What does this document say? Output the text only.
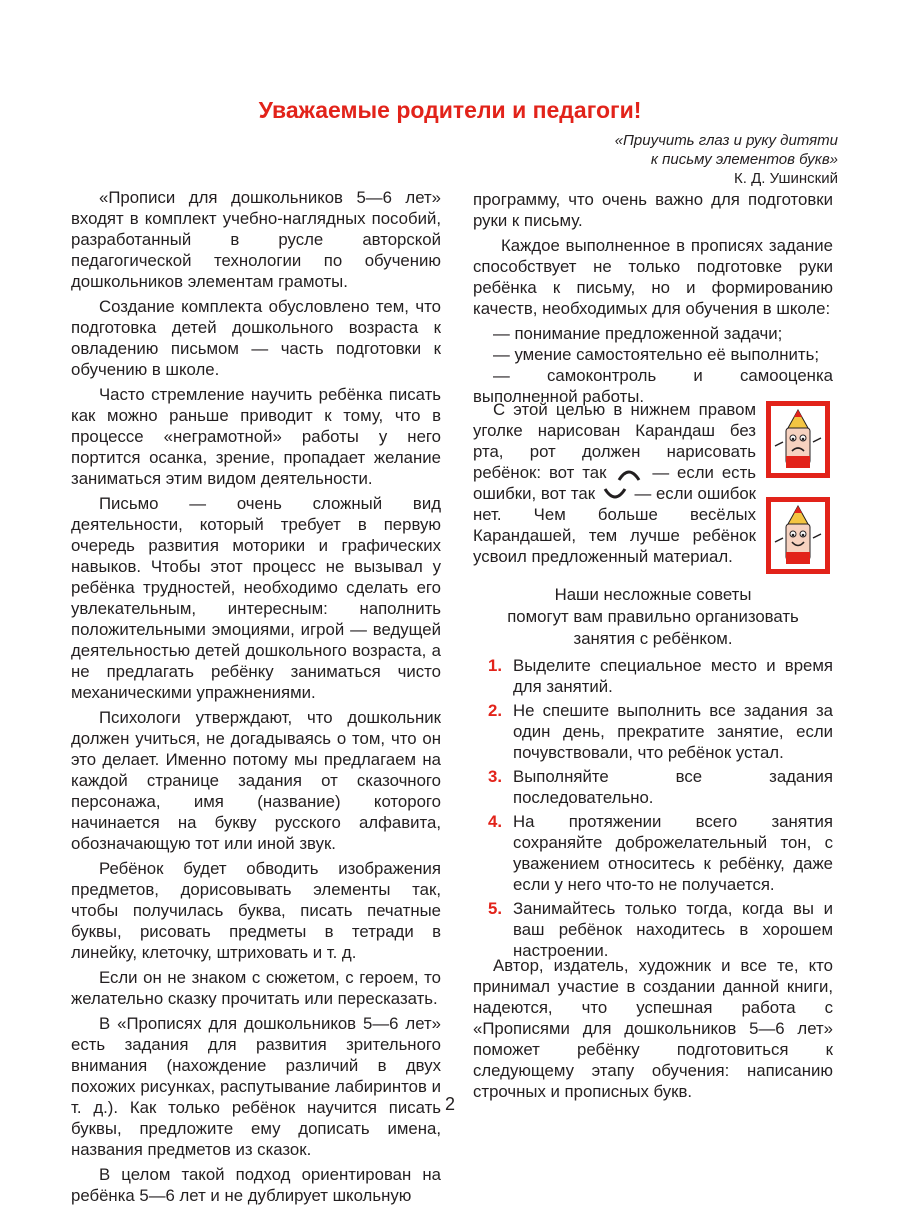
Уважаемые родители и педагоги!
«Приучить глаз и руку дитяти
к письму элементов букв»
К. Д. Ушинский

«Прописи для дошкольников 5—6 лет» входят в комплект учебно-наглядных пособий, разработанный в русле авторской педагогической технологии по обучению дошкольников элементам грамоты.

Создание комплекта обусловлено тем, что подготовка детей дошкольного возраста к овладению письмом — часть подготовки к обучению в школе.

Часто стремление научить ребёнка писать как можно раньше приводит к тому, что в процессе «неграмотной» работы у него портится осанка, зрение, пропадает желание заниматься этим видом деятельности.

Письмо — очень сложный вид деятельности, который требует в первую очередь развития моторики и графических навыков. Чтобы этот процесс не вызывал у ребёнка трудностей, необходимо сделать его увлекательным, интересным: наполнить положительными эмоциями, игрой — ведущей деятельностью детей дошкольного возраста, а не предлагать ребёнку заниматься чисто механическими упражнениями.

Психологи утверждают, что дошкольник должен учиться, не догадываясь о том, что он это делает. Именно потому мы предлагаем на каждой странице задания от сказочного персонажа, имя (название) которого начинается на букву русского алфавита, обозначающую тот или иной звук.

Ребёнок будет обводить изображения предметов, дорисовывать элементы так, чтобы получилась буква, писать печатные буквы, рисовать предметы в тетради в линейку, клеточку, штриховать и т. д.

Если он не знаком с сюжетом, с героем, то желательно сказку прочитать или пересказать.

В «Прописях для дошкольников 5—6 лет» есть задания для развития зрительного внимания (нахождение различий в двух похожих рисунках, распутывание лабиринтов и т. д.). Как только ребёнок научится писать буквы, предложите ему дописать имена, названия предметов из сказок.

В целом такой подход ориентирован на ребёнка 5—6 лет и не дублирует школьную

программу, что очень важно для подготовки руки к письму.

Каждое выполненное в прописях задание способствует не только подготовке руки ребёнка к письму, но и формированию качеств, необходимых для обучения в школе:

— понимание предложенной задачи;

— умение самостоятельно её выполнить;

— самоконтроль и самооценка выполненной работы.

С этой целью в нижнем правом уголке нарисован Карандаш без рта, рот должен нарисовать ребёнок: вот так	— если есть ошибки, вот так — если ошибок нет. Чем больше весёлых Карандашей, тем лучше ребёнок усвоил предложенный материал.

Наши несложные советы
помогут вам правильно организовать
занятия с ребёнком.
1. Выделите специальное место и время для занятий.
2. Не спешите выполнить все задания за один день, прекратите занятие, если почувствовали, что ребёнок устал.
3. Выполняйте все задания последовательно.
4. На протяжении всего занятия сохраняйте доброжелательный тон, с уважением относитесь к ребёнку, даже если у него что-то не получается.
5. Занимайтесь только тогда, когда вы и ваш ребёнок находитесь в хорошем настроении.

Автор, издатель, художник и все те, кто принимал участие в создании данной книги, надеются, что успешная работа с «Прописями для дошкольников 5—6 лет» поможет ребёнку подготовиться к следующему этапу обучения: написанию строчных и прописных букв.

2
